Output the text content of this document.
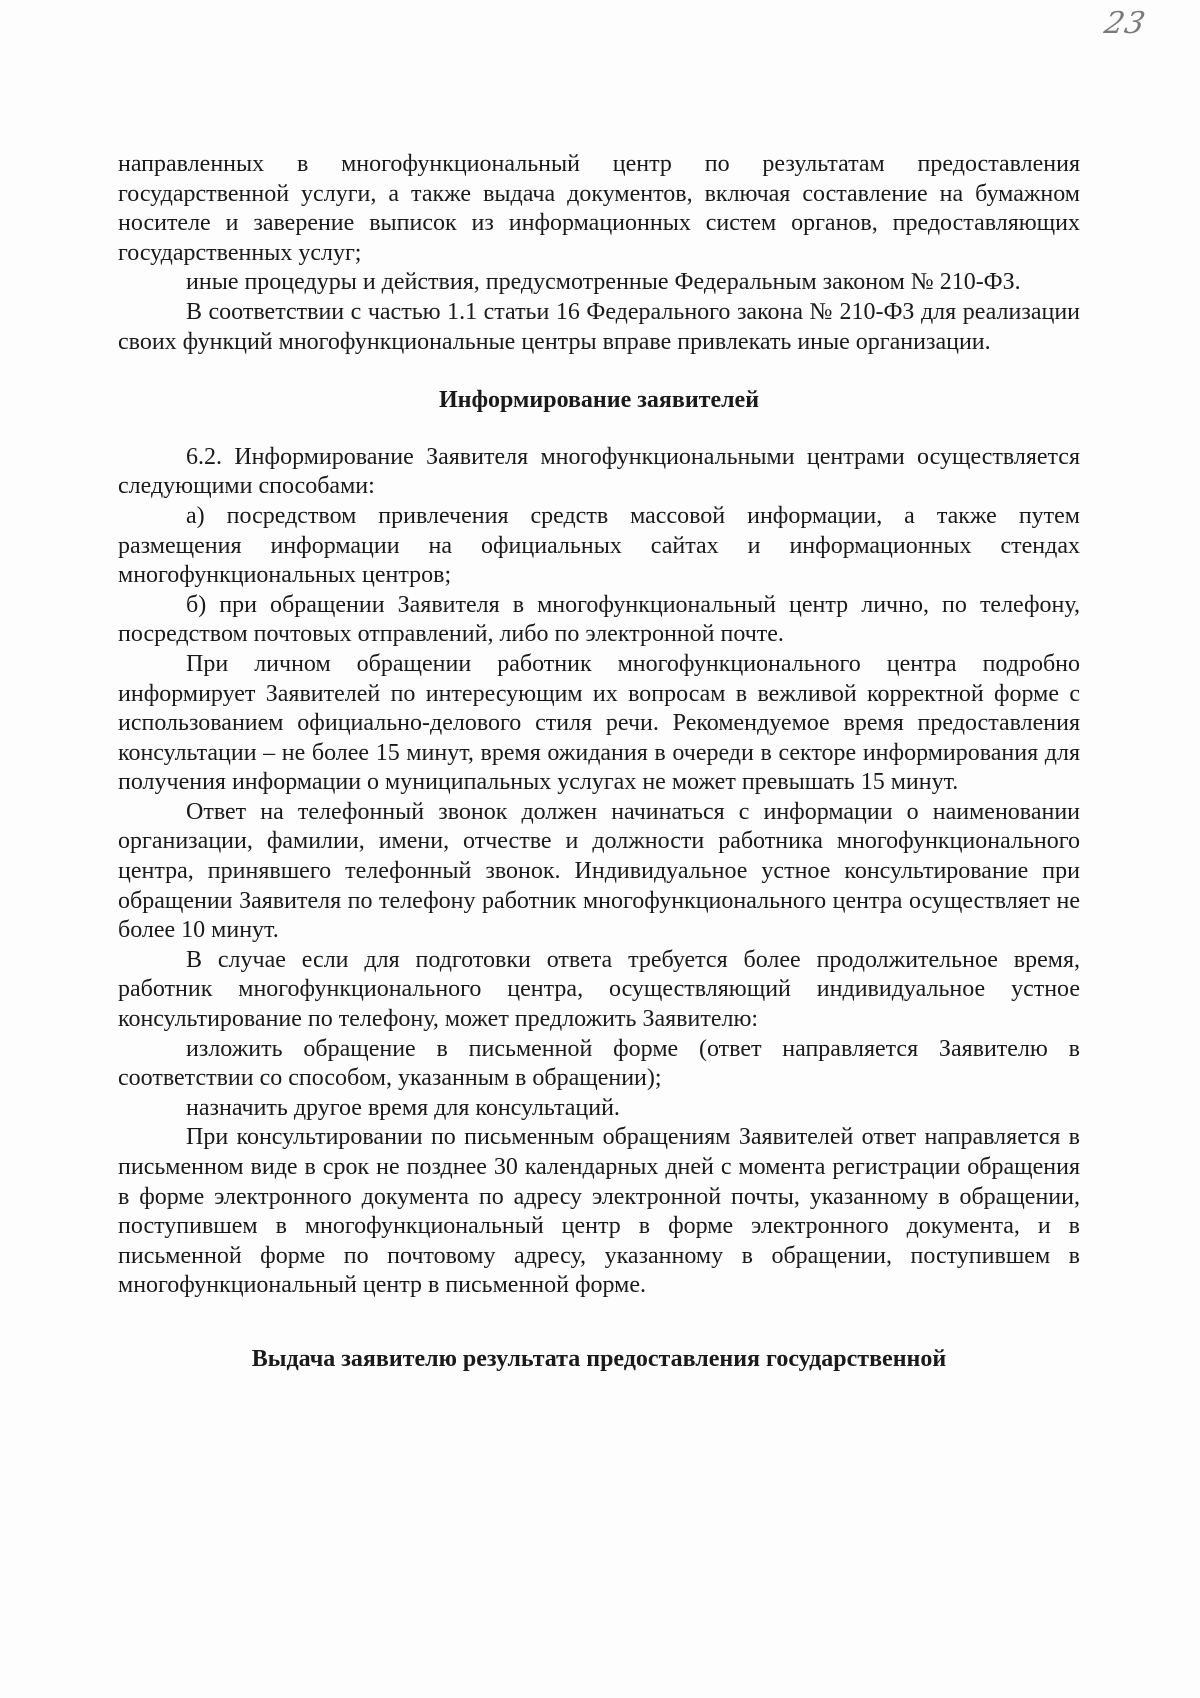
23

направленных в многофункциональный центр по результатам предоставления государственной услуги, а также выдача документов, включая составление на бумажном носителе и заверение выписок из информационных систем органов, предоставляющих государственных услуг;

иные процедуры и действия, предусмотренные Федеральным законом № 210-ФЗ.

В соответствии с частью 1.1 статьи 16 Федерального закона № 210-ФЗ для реализации своих функций многофункциональные центры вправе привлекать иные организации.

Информирование заявителей

6.2. Информирование Заявителя многофункциональными центрами осуществляется следующими способами:

а) посредством привлечения средств массовой информации, а также путем размещения информации на официальных сайтах и информационных стендах многофункциональных центров;

б) при обращении Заявителя в многофункциональный центр лично, по телефону, посредством почтовых отправлений, либо по электронной почте.

При личном обращении работник многофункционального центра подробно информирует Заявителей по интересующим их вопросам в вежливой корректной форме с использованием официально-делового стиля речи. Рекомендуемое время предоставления консультации – не более 15 минут, время ожидания в очереди в секторе информирования для получения информации о муниципальных услугах не может превышать 15 минут.

Ответ на телефонный звонок должен начинаться с информации о наименовании организации, фамилии, имени, отчестве и должности работника многофункционального центра, принявшего телефонный звонок. Индивидуальное устное консультирование при обращении Заявителя по телефону работник многофункционального центра осуществляет не более 10 минут.

В случае если для подготовки ответа требуется более продолжительное время, работник многофункционального центра, осуществляющий индивидуальное устное консультирование по телефону, может предложить Заявителю:

изложить обращение в письменной форме (ответ направляется Заявителю в соответствии со способом, указанным в обращении);

назначить другое время для консультаций.

При консультировании по письменным обращениям Заявителей ответ направляется в письменном виде в срок не позднее 30 календарных дней с момента регистрации обращения в форме электронного документа по адресу электронной почты, указанному в обращении, поступившем в многофункциональный центр в форме электронного документа, и в письменной форме по почтовому адресу, указанному в обращении, поступившем в многофункциональный центр в письменной форме.

Выдача заявителю результата предоставления государственной
